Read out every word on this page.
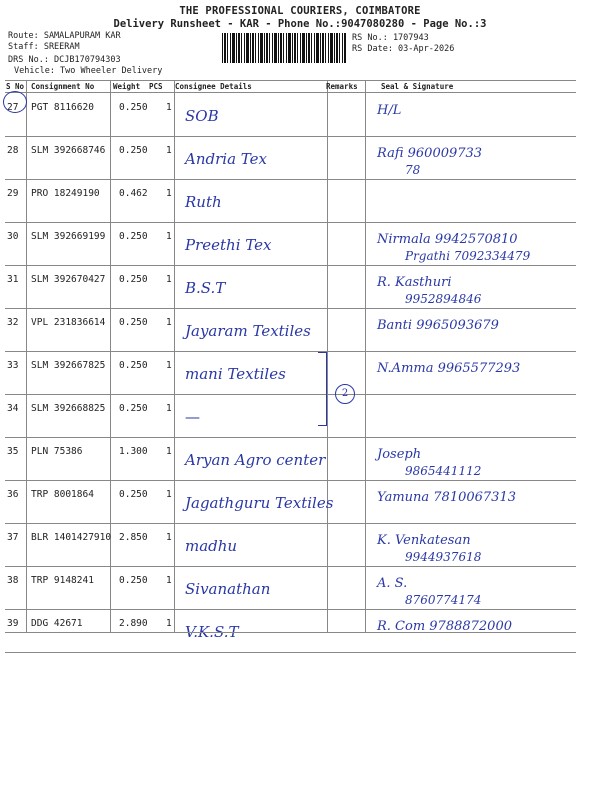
THE PROFESSIONAL COURIERS, COIMBATORE
Delivery Runsheet - KAR - Phone No.:9047080280 - Page No.:3
Route: SAMALAPURAM KAR
Staff: SREERAM
DRS No.: DCJB170794303
Vehicle: Two Wheeler Delivery
RS No.: 1707943
RS Date: 03-Apr-2026
S No Consignment No	Weight PCS Consignee Details	Remarks	Seal & Signature
27 PGT 8116620	0.250 1 SOB	H/L
28 SLM 392668746 0.250 1 Andria Tex	Rafi 960009733
78
29 PRO 18249190 0.462 1 Ruth
30 SLM 392669199 0.250 1 Preethi Tex	Nirmala 9942570810
Prgathi 7092334479
31 SLM 392670427 0.250 1 B.S.T	R. Kasthuri
9952894846
32 VPL 231836614 0.250 1 Jayaram Textiles	Banti 9965093679
33 SLM 392667825 0.250 1 mani Textiles	N.Amma 9965577293
34 SLM 392668825 0.250 1 —
35 PLN 75386	1.300 1 Aryan Agro center	Joseph
9865441112
36 TRP 8001864	0.250 1 Jagathguru Textiles	Yamuna 7810067313
37 BLR 1401427910 2.850 1 madhu	K. Venkatesan
9944937618
38 TRP 9148241	0.250 1 Sivanathan	A. S.
8760774174
39 DDG 42671	2.890 1 V.K.S.T	R. Com 9788872000
2
